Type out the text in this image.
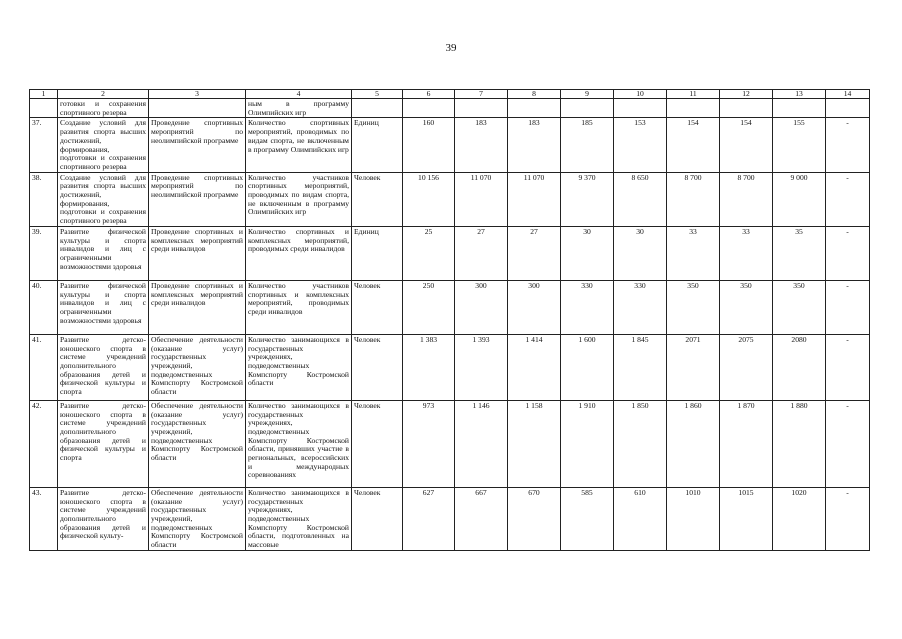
39
1	2	3	4	5	6	7	8	9	10	11	12	13	14
	готовки и сохранения спортивного резерва		ным в программу Олимпийских игр										
37.	Создание условий для развития спорта высших достижений, формирования, подготовки и сохранения спортивного резерва	Проведение спортивных мероприятий по неолимпийской программе	Количество спортивных мероприятий, проводимых по видам спорта, не включенным в программу Олимпийских игр	Единиц	160	183	183	185	153	154	154	155	-
38.	Создание условий для развития спорта высших достижений, формирования, подготовки и сохранения спортивного резерва	Проведение спортивных мероприятий по неолимпийской программе	Количество участников спортивных мероприятий, проводимых по видам спорта, не включенным в программу Олимпийских игр	Человек	10 156	11 070	11 070	9 370	8 650	8 700	8 700	9 000	-
39.	Развитие физической культуры и спорта инвалидов и лиц с ограниченными возможностями здоровья	Проведение спортивных и комплексных мероприятий среди инвалидов	Количество спортивных и комплексных мероприятий, проводимых среди инвалидов	Единиц	25	27	27	30	30	33	33	35	-
40.	Развитие физической культуры и спорта инвалидов и лиц с ограниченными возможностями здоровья	Проведение спортивных и комплексных мероприятий среди инвалидов	Количество участников спортивных и комплексных мероприятий, проводимых среди инвалидов	Человек	250	300	300	330	330	350	350	350	-
41.	Развитие детско-юношеского спорта в системе учреждений дополнительного образования детей и физической культуры и спорта	Обеспечение деятельности (оказание услуг) государственных учреждений, подведомственных Компспорту Костромской области	Количество занимающихся в государственных учреждениях, подведомственных Компспорту Костромской области	Человек	1 383	1 393	1 414	1 600	1 845	2071	2075	2080	-
42.	Развитие детско-юношеского спорта в системе учреждений дополнительного образования детей и физической культуры и спорта	Обеспечение деятельности (оказание услуг) государственных учреждений, подведомственных Компспорту Костромской области	Количество занимающихся в государственных учреждениях, подведомственных Компспорту Костромской области, принявших участие в региональных, всероссийских и международных соревнованиях	Человек	973	1 146	1 158	1 910	1 850	1 860	1 870	1 880	-
43.	Развитие детско-юношеского спорта в системе учреждений дополнительного образования детей и физической культу-	Обеспечение деятельности (оказание услуг) государственных учреждений, подведомственных Компспорту Костромской области	Количество занимающихся в государственных учреждениях, подведомственных Компспорту Костромской области, подготовленных на массовые	Человек	627	667	670	585	610	1010	1015	1020	-
